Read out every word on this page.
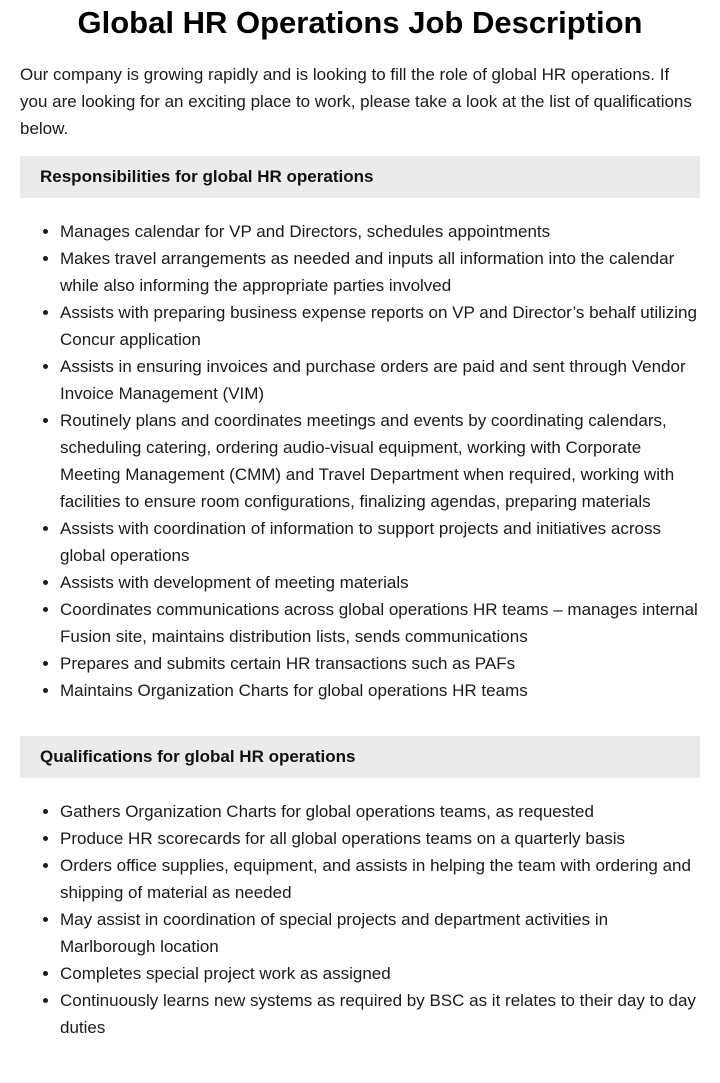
Global HR Operations Job Description

Our company is growing rapidly and is looking to fill the role of global HR operations. If you are looking for an exciting place to work, please take a look at the list of qualifications below.

Responsibilities for global HR operations
• Manages calendar for VP and Directors, schedules appointments
• Makes travel arrangements as needed and inputs all information into the calendar while also informing the appropriate parties involved
• Assists with preparing business expense reports on VP and Director’s behalf utilizing Concur application
• Assists in ensuring invoices and purchase orders are paid and sent through Vendor Invoice Management (VIM)
• Routinely plans and coordinates meetings and events by coordinating calendars, scheduling catering, ordering audio-visual equipment, working with Corporate Meeting Management (CMM) and Travel Department when required, working with facilities to ensure room configurations, finalizing agendas, preparing materials
• Assists with coordination of information to support projects and initiatives across global operations
• Assists with development of meeting materials
• Coordinates communications across global operations HR teams – manages internal Fusion site, maintains distribution lists, sends communications
• Prepares and submits certain HR transactions such as PAFs
• Maintains Organization Charts for global operations HR teams
Qualifications for global HR operations
• Gathers Organization Charts for global operations teams, as requested
• Produce HR scorecards for all global operations teams on a quarterly basis
• Orders office supplies, equipment, and assists in helping the team with ordering and shipping of material as needed
• May assist in coordination of special projects and department activities in Marlborough location
• Completes special project work as assigned
• Continuously learns new systems as required by BSC as it relates to their day to day duties
